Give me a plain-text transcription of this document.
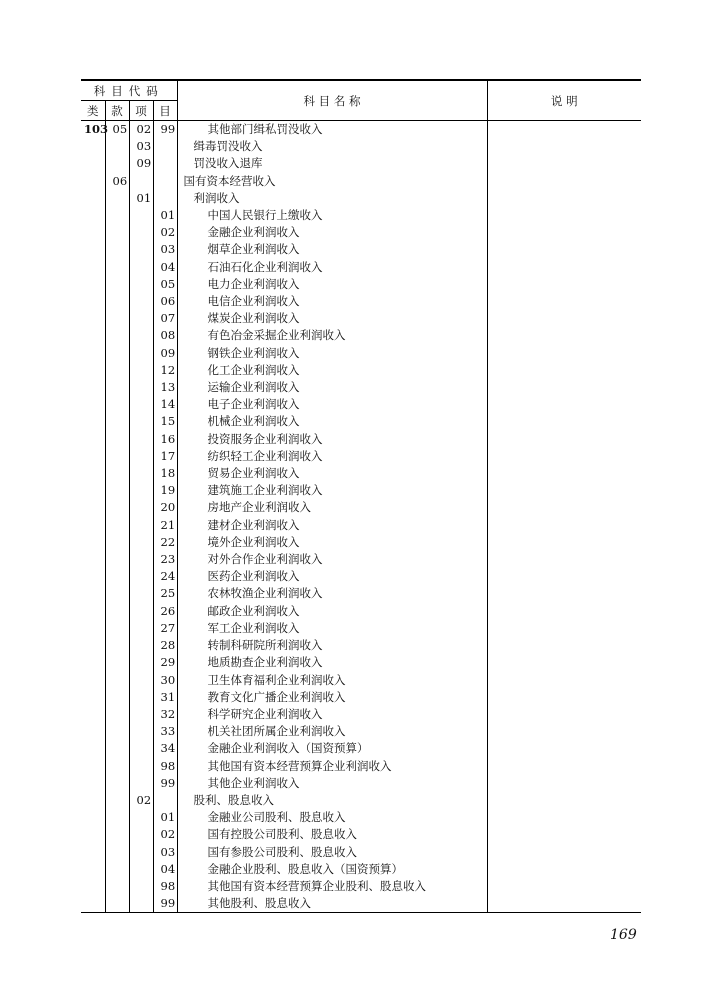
科目代码				科 目 名 称	说 明
类	款	项	目		
103	05	02	99	其他部门缉私罚没收入	
		03		缉毒罚没收入	
		09		罚没收入退库	
	06			国有资本经营收入	
		01		利润收入	
			01	中国人民银行上缴收入	
			02	金融企业利润收入	
			03	烟草企业利润收入	
			04	石油石化企业利润收入	
			05	电力企业利润收入	
			06	电信企业利润收入	
			07	煤炭企业利润收入	
			08	有色冶金采掘企业利润收入	
			09	钢铁企业利润收入	
			12	化工企业利润收入	
			13	运输企业利润收入	
			14	电子企业利润收入	
			15	机械企业利润收入	
			16	投资服务企业利润收入	
			17	纺织轻工企业利润收入	
			18	贸易企业利润收入	
			19	建筑施工企业利润收入	
			20	房地产企业利润收入	
			21	建材企业利润收入	
			22	境外企业利润收入	
			23	对外合作企业利润收入	
			24	医药企业利润收入	
			25	农林牧渔企业利润收入	
			26	邮政企业利润收入	
			27	军工企业利润收入	
			28	转制科研院所利润收入	
			29	地质勘查企业利润收入	
			30	卫生体育福利企业利润收入	
			31	教育文化广播企业利润收入	
			32	科学研究企业利润收入	
			33	机关社团所属企业利润收入	
			34	金融企业利润收入（国资预算）	
			98	其他国有资本经营预算企业利润收入	
			99	其他企业利润收入	
		02		股利、股息收入	
			01	金融业公司股利、股息收入	
			02	国有控股公司股利、股息收入	
			03	国有参股公司股利、股息收入	
			04	金融企业股利、股息收入（国资预算）	
			98	其他国有资本经营预算企业股利、股息收入	
			99	其他股利、股息收入	
169
